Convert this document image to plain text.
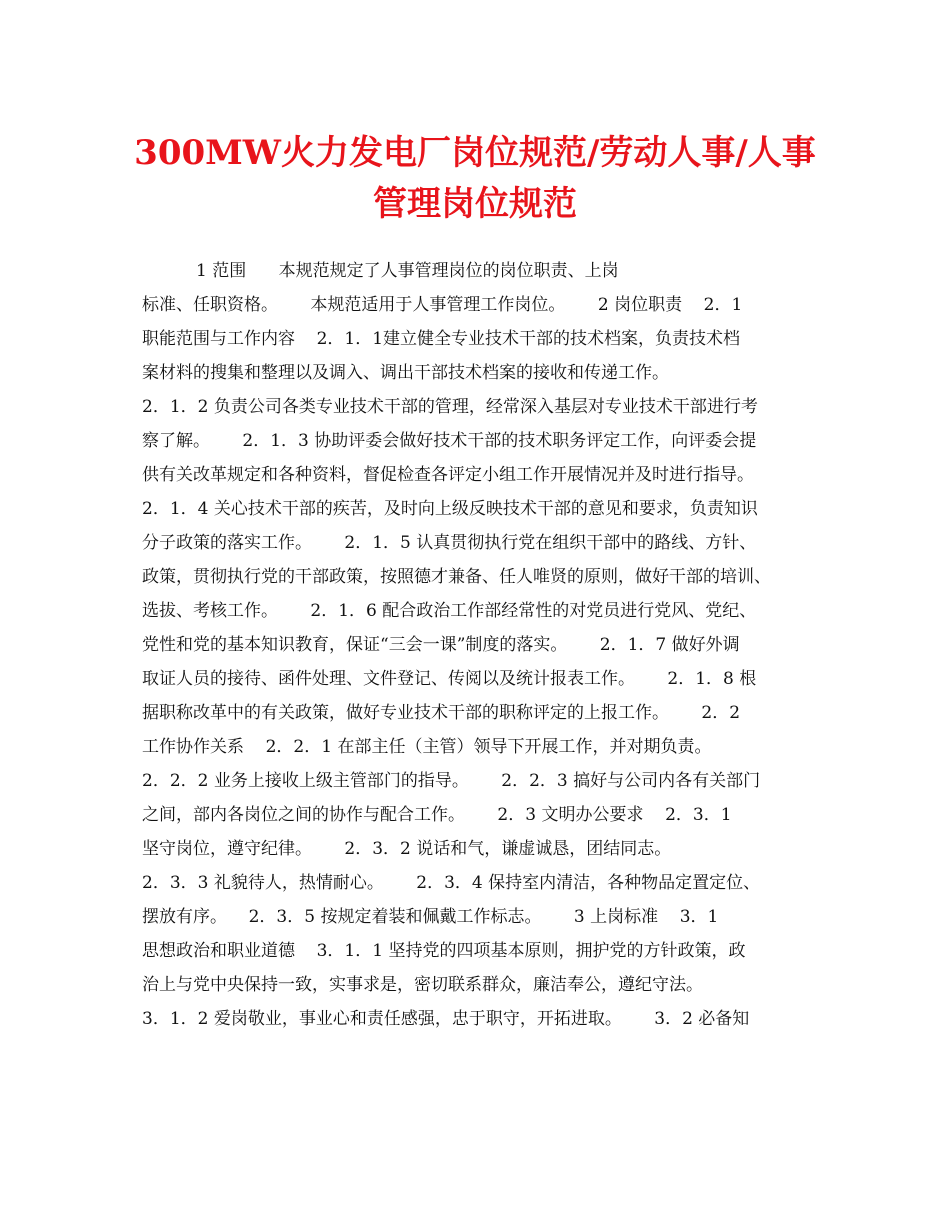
300MW火力发电厂岗位规范/劳动人事/人事
管理岗位规范
1 范围      本规范规定了人事管理岗位的岗位职责、上岗
标准、任职资格。      本规范适用于人事管理工作岗位。      2 岗位职责    2．1
职能范围与工作内容    2．1．1建立健全专业技术干部的技术档案，负责技术档
案材料的搜集和整理以及调入、调出干部技术档案的接收和传递工作。
2．1．2 负责公司各类专业技术干部的管理，经常深入基层对专业技术干部进行考
察了解。      2．1．3 协助评委会做好技术干部的技术职务评定工作，向评委会提
供有关改革规定和各种资料，督促检查各评定小组工作开展情况并及时进行指导。
2．1．4 关心技术干部的疾苦，及时向上级反映技术干部的意见和要求，负责知识
分子政策的落实工作。      2．1．5 认真贯彻执行党在组织干部中的路线、方针、
政策，贯彻执行党的干部政策，按照德才兼备、任人唯贤的原则，做好干部的培训、
选拔、考核工作。      2．1．6 配合政治工作部经常性的对党员进行党风、党纪、
党性和党的基本知识教育，保证“三会一课”制度的落实。      2．1．7 做好外调
取证人员的接待、函件处理、文件登记、传阅以及统计报表工作。      2．1．8 根
据职称改革中的有关政策，做好专业技术干部的职称评定的上报工作。      2．2
工作协作关系    2．2．1 在部主任（主管）领导下开展工作，并对期负责。
2．2．2 业务上接收上级主管部门的指导。      2．2．3 搞好与公司内各有关部门
之间，部内各岗位之间的协作与配合工作。      2．3 文明办公要求    2．3．1
坚守岗位，遵守纪律。      2．3．2 说话和气，谦虚诚恳，团结同志。
2．3．3 礼貌待人，热情耐心。      2．3．4 保持室内清洁，各种物品定置定位、
摆放有序。    2．3．5 按规定着装和佩戴工作标志。      3 上岗标准    3．1
思想政治和职业道德    3．1．1 坚持党的四项基本原则，拥护党的方针政策，政
治上与党中央保持一致，实事求是，密切联系群众，廉洁奉公，遵纪守法。
3．1．2 爱岗敬业，事业心和责任感强，忠于职守，开拓进取。      3．2 必备知
